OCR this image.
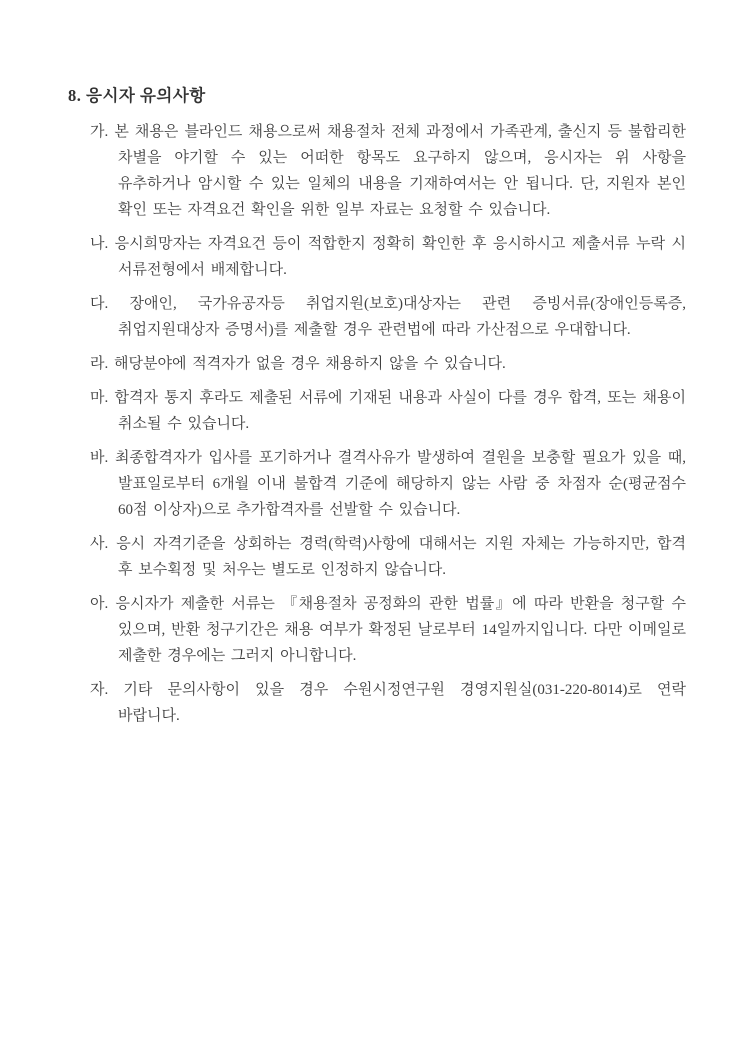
8. 응시자 유의사항

가. 본 채용은 블라인드 채용으로써 채용절차 전체 과정에서 가족관계, 출신지 등 불합리한 차별을 야기할 수 있는 어떠한 항목도 요구하지 않으며, 응시자는 위 사항을 유추하거나 암시할 수 있는 일체의 내용을 기재하여서는 안 됩니다. 단, 지원자 본인 확인 또는 자격요건 확인을 위한 일부 자료는 요청할 수 있습니다.

나. 응시희망자는 자격요건 등이 적합한지 정확히 확인한 후 응시하시고 제출서류 누락 시 서류전형에서 배제합니다.

다. 장애인, 국가유공자등 취업지원(보호)대상자는 관련 증빙서류(장애인등록증, 취업지원대상자 증명서)를 제출할 경우 관련법에 따라 가산점으로 우대합니다.

라. 해당분야에 적격자가 없을 경우 채용하지 않을 수 있습니다.

마. 합격자 통지 후라도 제출된 서류에 기재된 내용과 사실이 다를 경우 합격, 또는 채용이 취소될 수 있습니다.

바. 최종합격자가 입사를 포기하거나 결격사유가 발생하여 결원을 보충할 필요가 있을 때, 발표일로부터 6개월 이내 불합격 기준에 해당하지 않는 사람 중 차점자 순(평균점수 60점 이상자)으로 추가합격자를 선발할 수 있습니다.

사. 응시 자격기준을 상회하는 경력(학력)사항에 대해서는 지원 자체는 가능하지만, 합격 후 보수획정 및 처우는 별도로 인정하지 않습니다.

아. 응시자가 제출한 서류는 『채용절차 공정화의 관한 법률』에 따라 반환을 청구할 수 있으며, 반환 청구기간은 채용 여부가 확정된 날로부터 14일까지입니다. 다만 이메일로 제출한 경우에는 그러지 아니합니다.

자. 기타 문의사항이 있을 경우 수원시정연구원 경영지원실(031-220-8014)로 연락 바랍니다.
